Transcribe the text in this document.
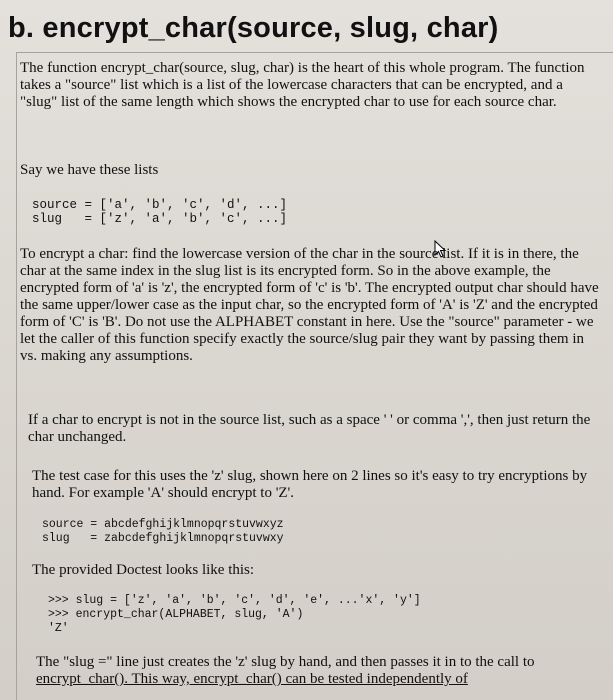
b. encrypt_char(source, slug, char)

The function encrypt_char(source, slug, char) is the heart of this whole program. The function takes a "source" list which is a list of the lowercase characters that can be encrypted, and a "slug" list of the same length which shows the encrypted char to use for each source char.

Say we have these lists

source = ['a', 'b', 'c', 'd', ...]
slug   = ['z', 'a', 'b', 'c', ...]

To encrypt a char: find the lowercase version of the char in the source list. If it is in there, the char at the same index in the slug list is its encrypted form. So in the above example, the encrypted form of 'a' is 'z', the encrypted form of 'c' is 'b'. The encrypted output char should have the same upper/lower case as the input char, so the encrypted form of 'A' is 'Z' and the encrypted form of 'C' is 'B'. Do not use the ALPHABET constant in here. Use the "source" parameter - we let the caller of this function specify exactly the source/slug pair they want by passing them in vs. making any assumptions.

If a char to encrypt is not in the source list, such as a space ' ' or comma ',', then just return the char unchanged.

The test case for this uses the 'z' slug, shown here on 2 lines so it's easy to try encryptions by hand. For example 'A' should encrypt to 'Z'.

source = abcdefghijklmnopqrstuvwxyz
slug   = zabcdefghijklmnopqrstuvwxy

The provided Doctest looks like this:

>>> slug = ['z', 'a', 'b', 'c', 'd', 'e', ...'x', 'y']
>>> encrypt_char(ALPHABET, slug, 'A')
'Z'
The "slug =" line just creates the 'z' slug by hand, and then passes it in to the call to
encrypt_char(). This way, encrypt_char() can be tested independently of
